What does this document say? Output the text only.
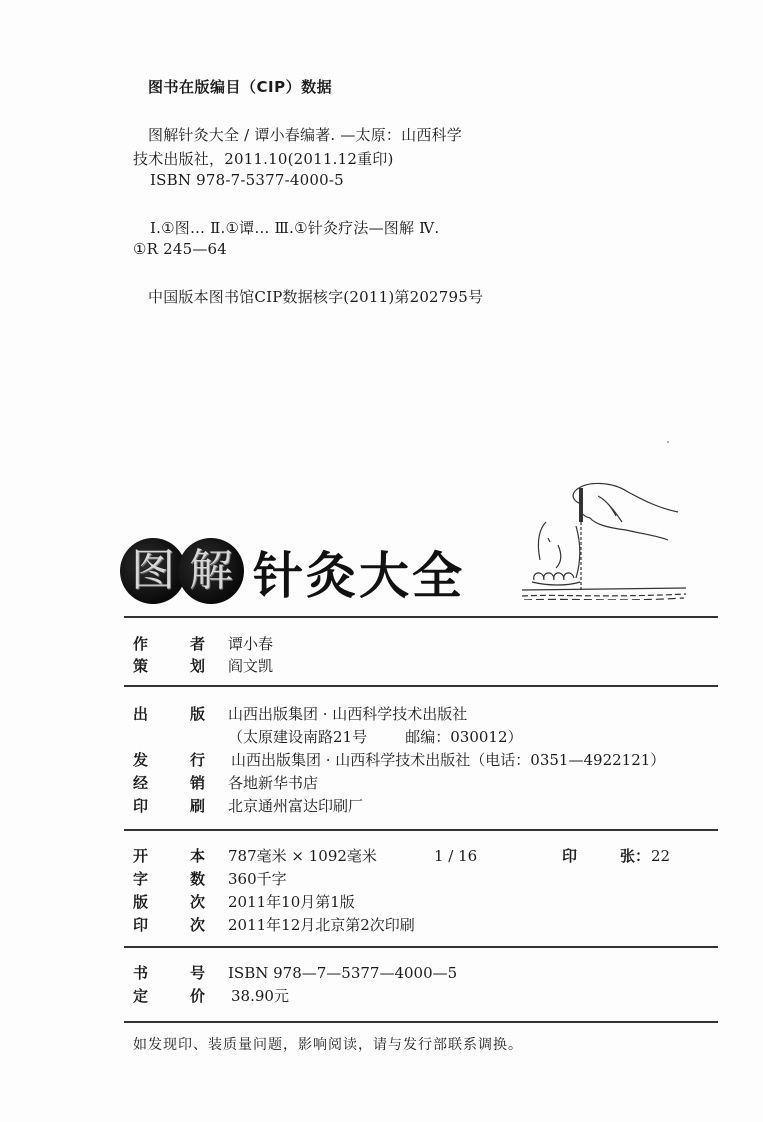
图书在版编目（CIP）数据
图解针灸大全 / 谭小春编著. —太原：山西科学
技术出版社，2011.10(2011.12重印)
ISBN 978-7-5377-4000-5
Ⅰ.①图… Ⅱ.①谭… Ⅲ.①针灸疗法—图解 Ⅳ.
①R 245—64
中国版本图书馆CIP数据核字(2011)第202795号
图 解 针灸大全
作	者 谭小春
策	划 阎文凯
出	版 山西出版集团 · 山西科学技术出版社
（太原建设南路21号        邮编：030012）
发	行 山西出版集团 · 山西科学技术出版社（电话：0351—4922121）
经	销 各地新华书店
印	刷 北京通州富达印刷厂
开	本 787毫米 × 1092毫米	1 / 16	印	张： 22
字	数 360千字
版	次 2011年10月第1版
印	次 2011年12月北京第2次印刷
书	号 ISBN 978—7—5377—4000—5
定	价 38.90元
如发现印、装质量问题，影响阅读，请与发行部联系调换。
